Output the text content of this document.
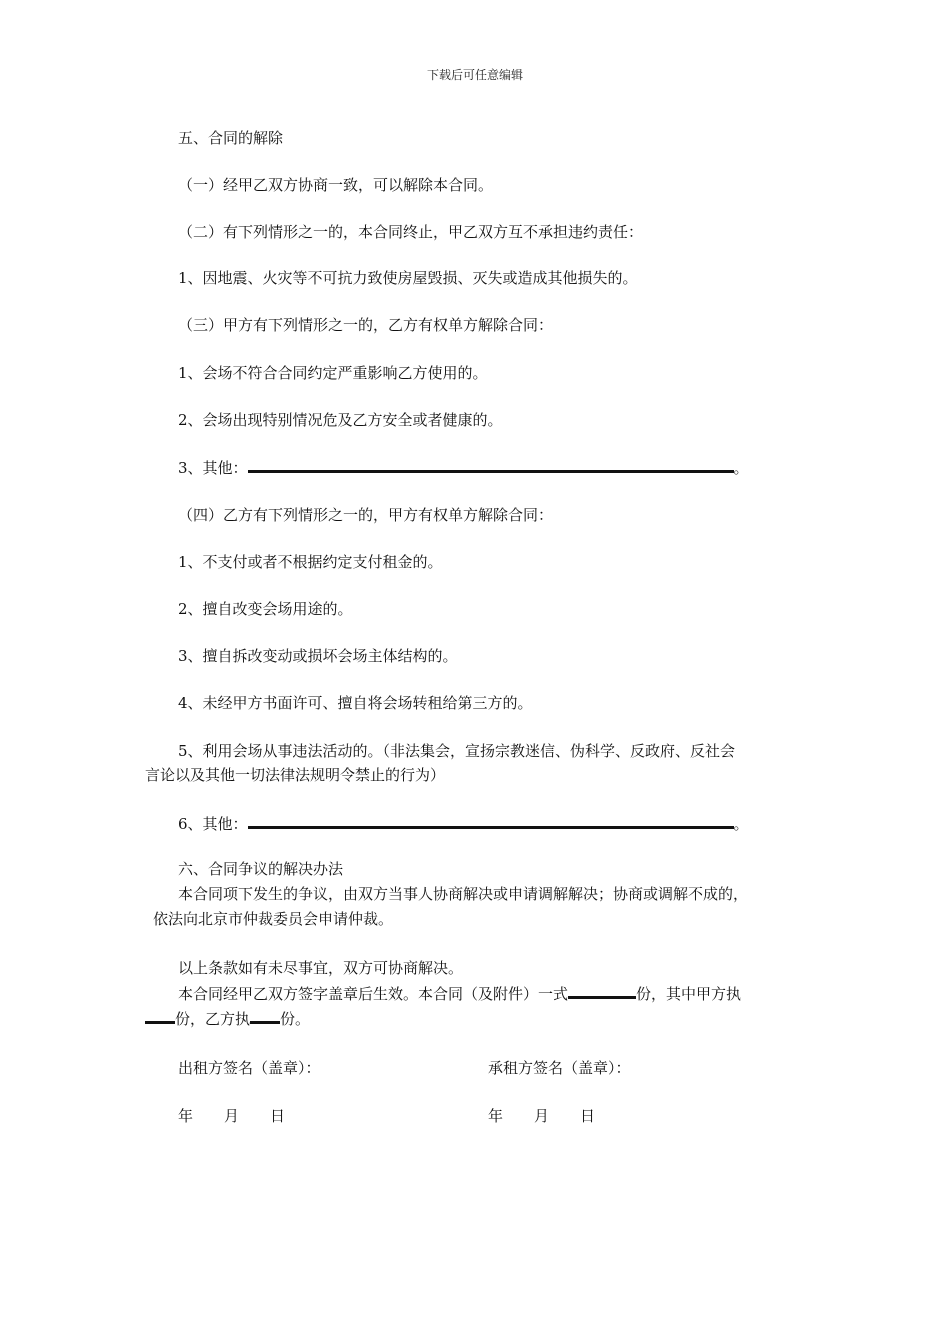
下载后可任意编辑
五、合同的解除
（一）经甲乙双方协商一致，可以解除本合同。
（二）有下列情形之一的，本合同终止，甲乙双方互不承担违约责任：
1、因地震、火灾等不可抗力致使房屋毁损、灭失或造成其他损失的。
（三）甲方有下列情形之一的，乙方有权单方解除合同：
1、会场不符合合同约定严重影响乙方使用的。
2、会场出现特别情况危及乙方安全或者健康的。
3、其他：	。
（四）乙方有下列情形之一的，甲方有权单方解除合同：
1、不支付或者不根据约定支付租金的。
2、擅自改变会场用途的。
3、擅自拆改变动或损坏会场主体结构的。
4、未经甲方书面许可、擅自将会场转租给第三方的。
5、利用会场从事违法活动的。（非法集会，宣扬宗教迷信、伪科学、反政府、反社会
言论以及其他一切法律法规明令禁止的行为）
6、其他：	。
六、合同争议的解决办法
本合同项下发生的争议，由双方当事人协商解决或申请调解解决；协商或调解不成的，
依法向北京市仲裁委员会申请仲裁。
以上条款如有未尽事宜，双方可协商解决。
本合同经甲乙双方签字盖章后生效。本合同（及附件）一式	份，其中甲方执
份，乙方执 份。
出租方签名（盖章）：	承租方签名（盖章）：
年 月 日	年 月 日
